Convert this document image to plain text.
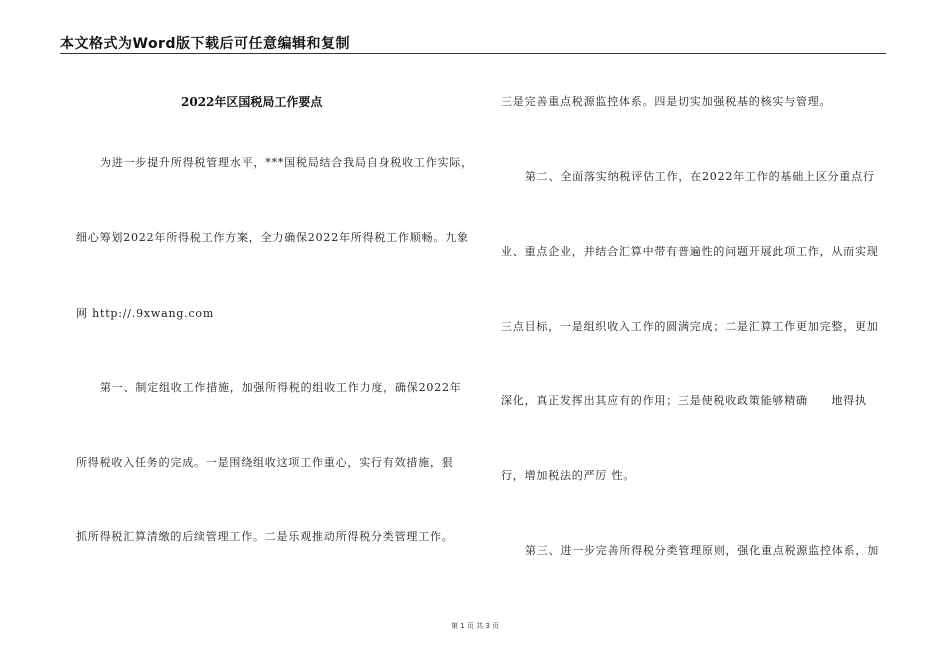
本文格式为Word版下载后可任意编辑和复制
2022年区国税局工作要点
为进一步提升所得税管理水平，***国税局结合我局自身税收工作实际，
细心筹划2022年所得税工作方案，全力确保2022年所得税工作顺畅。九象
网 http://.9xwang.com
第一、制定组收工作措施，加强所得税的组收工作力度，确保2022年
所得税收入任务的完成。一是围绕组收这项工作重心，实行有效措施，狠
抓所得税汇算清缴的后续管理工作。二是乐观推动所得税分类管理工作。
三是完善重点税源监控体系。四是切实加强税基的核实与管理。
第二、全面落实纳税评估工作，在2022年工作的基础上区分重点行
业、重点企业，并结合汇算中带有普遍性的问题开展此项工作，从而实现
三点目标，一是组织收入工作的圆满完成；二是汇算工作更加完整，更加
深化，真正发挥出其应有的作用；三是使税收政策能够精确　　地得执
行，增加税法的严厉 性。
第三、进一步完善所得税分类管理原则，强化重点税源监控体系，加
第 1 页 共 3 页
